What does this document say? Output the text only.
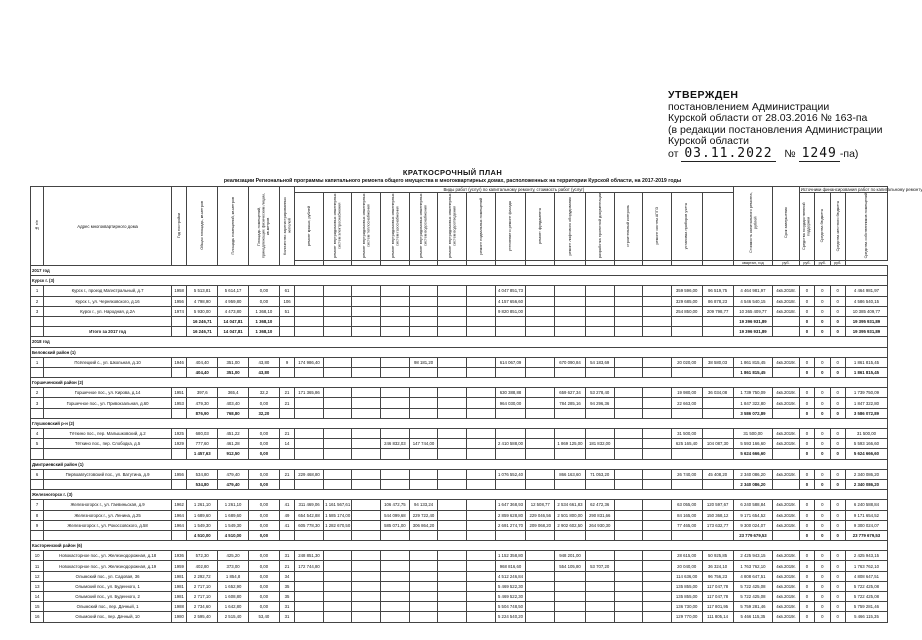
УТВЕРЖДЕН
постановлением Администрации
Курской области от 28.03.2016 № 163-па
(в редакции постановления Администрации
Курской области
от 03.11.2022 № 1249 -па)
КРАТКОСРОЧНЫЙ ПЛАН
реализации Региональной программы капитального ремонта общего имущества в многоквартирных домах, расположенных на территории Курской области, на 2017-2019 годы
№ п/п	Адрес многоквартирного дома	Год постройки	Общая площадь, кв.метров	Площадь помещений, кв.метров	Площадь помещений, принадлежащих физическим лицам, кв.метров	Количество зарегистрированных жителей	Виды работ (услуг) по капитальному ремонту, стоимость работ (услуг)															Стоимость капитального ремонта, рублей	Срок завершения	Источники финансирования работ по капитальному ремонту			
							ремонт крыши, рублей	ремонт внутридомовых инженерных систем электроснабжения	ремонт внутридомовых инженерных систем теплоснабжения	ремонт внутридомовых инженерных систем газоснабжения	ремонт внутридомовых инженерных систем водоснабжения	ремонт внутридомовых инженерных систем водоотведения	ремонт подвальных помещений	утепление и ремонт фасада	ремонт фундамента	ремонт лифтового оборудования	разработка проектной документации	строительный контроль	ремонт систем АППЗ	установка приборов учета				Средства государственной поддержки	Средства бюджета	Средства местного бюджета	Средства собственников помещений
																						квартал, год	руб.	руб.	руб.	руб.	
2017 год																											
Курск г. (3)																											
1	Курск г., проезд Магистральный, д.7	1958	5 513,81	5 614,17	0,00	61								4 047 851,73						359 596,00	96 519,75	4 464 981,97	4кв.2018г.	0	0	0	4 464 981,97
2	Курск г., ул. Черняховского, д.16	1956	4 798,90	4 959,80	0,00	106								4 157 656,60						329 685,00	86 878,23	4 546 540,15	4кв.2018г.	0	0	0	4 586 540,15
3	Курск г., ул. Народная, д.2А	1974	5 930,00	4 473,80	1 368,10	51								9 820 851,00						254 850,00	209 798,77	10 365 409,77	4кв.2018г.	0	0	0	10 385 409,77
			16 246,71	14 047,81	1 368,10																	19 396 931,89		0	0	0	19 395 931,89
	Итого за 2017 год		16 246,71	14 047,81	1 368,10																	19 396 931,89		0	0	0	19 395 931,89
2018 год																											
Беловский район (1)																											
1	Псёлецкий с., ул. Школьная, д.10	1946	404,40	351,00	43,80	9	174 986,40				98 181,20			614 067,09		670 090,84	54 183,69			20 020,00	38 580,03	1 861 815,45	4кв.2019г.	0	0	0	1 861 815,45
			404,40	351,00	43,80																	1 861 815,45		0	0	0	1 861 815,45
Горшеченский район (2)																											
2	Горшечное пос., ул. Кирова, д.14	1951	397,6	365,4	32,2	21	171 365,86							630 388,88		659 627,34	53 278,40			19 980,00	36 034,08	1 739 750,09	4кв.2019г.	0	0	0	1 739 750,09
3	Горшечное пос., ул. Привокзальная, д.60	1953	479,30	403,40	0,00	21								964 030,00		784 285,16	94 296,36			22 663,00		1 847 322,80	4кв.2019г.	0	0	0	1 847 322,80
			876,90	768,80	32,20																	3 586 072,89		0	0	0	3 586 072,89
Глушковский р-н (2)																											
4	Тёткино пос., пер. Малышковский, д.2	1925	680,03	451,22	0,00	21														31 500,00		31 500,00	4кв.2019г.	0	0	0	31 500,00
5	Тёткино пос., пер. Слободка, д.5	1929	777,60	461,28	0,00	14				246 832,03	147 744,00			2 410 588,00		1 869 125,00	181 832,00			625 165,40	104 087,30	5 593 166,60	4кв.2019г.	0	0	0	5 593 166,60
			1 457,63	912,50	0,00																	5 624 666,60		0	0	0	5 624 666,60
Дмитриевский район (1)																											
6	Первоавгустовский пос., ул. Ватутина, д.9	1956	534,80	479,40	0,00	21	229 468,80							1 076 552,40		866 163,60	71 053,20			26 740,00	45 408,20	2 340 086,20	4кв.2019г.	0	0	0	2 340 086,20
			534,80	479,40	0,00																	2 340 086,20		0	0	0	2 340 086,20
Железногорск г. (3)																											
7	Железногорск г., ул. Гаевиньская, д.9	1962	1 261,10	1 261,10	0,00	41	311 469,06	1 161 567,61		106 472,75	94 133,24			1 647 368,93	12 508,77	2 534 661,83	62 472,36			63 055,00	120 597,67	6 240 588,84	4кв.2019г.	0	0	0	6 240 588,84
8	Железногорск г., ул. Ленина, д.25	1964	1 689,60	1 689,60	0,00	49	654 542,88	1 585 174,00		544 099,68	229 722,40			2 859 628,80	229 046,56	2 501 800,00	290 831,66			84 165,00	150 368,12	9 171 654,52	4кв.2019г.	0	0	0	9 171 654,52
9	Железногорск г., ул. Рокоссовского, д.58	1964	1 549,30	1 549,30	0,00	41	605 778,30	1 282 670,50		585 071,00	306 864,20			2 691 274,70	209 068,20	2 902 602,50	264 930,30			77 465,00	173 632,77	9 300 024,07	4кв.2019г.	0	0	0	9 300 024,07
			4 510,00	4 510,00	0,00																	23 779 679,53		0	0	0	23 779 679,53
Касторенский район (6)																											
10	Новокасторное пос., ул. Железнодорожная, д.18	1936	572,30	425,20	0,00	31	248 851,30							1 152 358,80		948 201,00				28 615,00	50 925,85	2 425 943,15	4кв.2019г.	0	0	0	2 425 943,15
11	Новокасторное пос., ул. Железнодорожная, д.19	1959	402,80	373,00	0,00	21	172 744,80							968 816,60		554 105,80	53 707,20			20 040,00	36 324,10	1 763 762,10	4кв.2019г.	0	0	0	1 763 762,10
12	Олымский пос., ул. Садовая, 36	1981	2 292,72	1 854,8	0,00	34								4 512 246,84						114 636,00	96 756,23	4 808 647,51	4кв.2019г.	0	0	0	4 808 647,51
13	Олымский пос., ул. Буденного, 1	1981	2 717,10	1 652,90	0,00	35								5 469 522,30						135 855,00	117 047,78	5 722 425,08	4кв.2019г.	0	0	0	5 722 425,08
14	Олымский пос., ул. Буденного, 2	1981	2 717,10	1 608,80	0,00	35								5 469 522,30						135 855,00	117 047,78	5 722 425,08	4кв.2019г.	0	0	0	5 722 425,08
15	Олымский пос., пер. Дачный, 1	1988	2 734,60	1 642,80	0,00	31								5 504 748,50						136 730,00	117 801,95	5 759 281,46	4кв.2019г.	0	0	0	5 759 281,46
16	Олымский пос., пер. Дачный, 10	1980	2 595,40	2 515,40	53,40	31								5 224 540,20						129 770,00	111 805,14	5 466 115,35	4кв.2019г.	0	0	0	5 466 115,35
